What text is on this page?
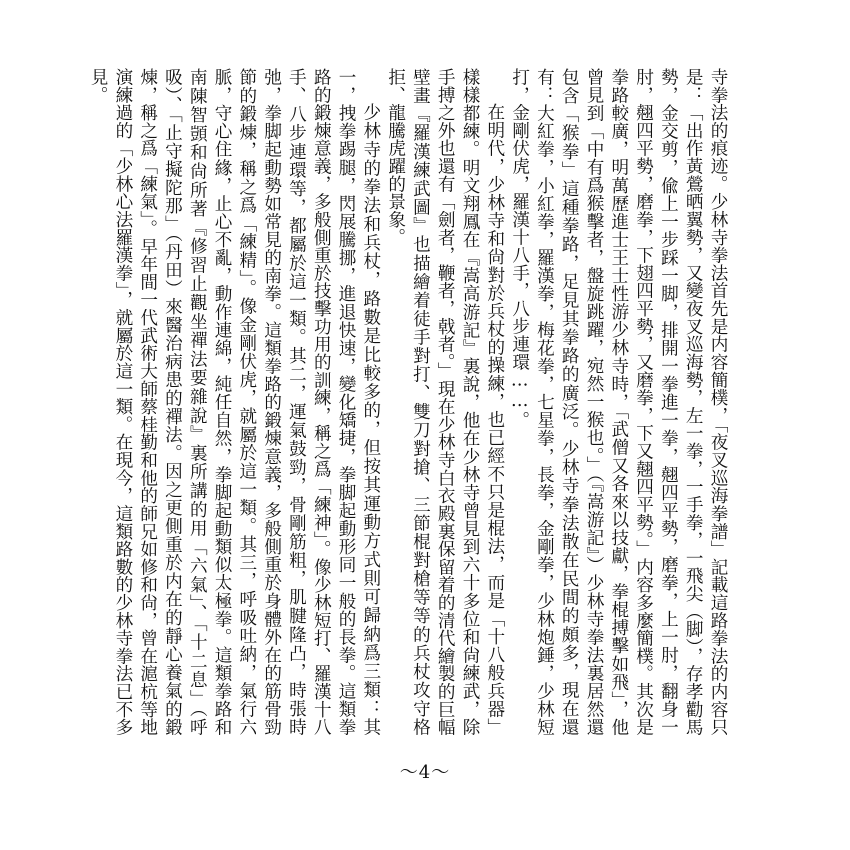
寺拳法的痕迹。少林寺拳法首先是内容簡樸，「夜叉巡海拳譜」記載這路拳法的内容只是：「出作黃鶯晒翼勢，又變夜叉巡海勢，左一拳，一手拳，一飛尖（脚），存孝勸馬勢，金交剪，偸上一步踩一脚，排開一拳進一拳，翹四平勢，磨拳，上一肘，翻身一肘，翹四平勢，磨拳，下翅四平勢，又磨拳，下又翹四平勢。」内容多麼簡樸。其次是拳路較廣，明萬歷進士王士性游少林寺時，「武僧又各來以技獻，拳棍搏擊如飛」，他曾見到「中有爲猴擊者，盤旋跳躍，宛然一猴也。」（『嵩游記』）少林寺拳法裏居然還包含「猴拳」這種拳路，足見其拳路的廣泛。少林寺拳法散在民間的頗多，現在還有：大紅拳，小紅拳，羅漢拳，梅花拳，七星拳，長拳，金剛拳，少林炮錘，少林短打，金剛伏虎，羅漢十八手，八步連環……。

在明代，少林寺和尙對於兵杖的操練，也已經不只是棍法，而是「十八般兵器」樣樣都練。明文翔鳳在『嵩高游記』裏說，他在少林寺曾見到六十多位和尙練武，除手搏之外也還有「劍者，鞭者，戟者。」現在少林寺白衣殿裏保留着的清代繪製的巨幅壁畫『羅漢練武圖』也描繪着徒手對打、雙刀對搶、三節棍對槍等等的兵杖攻守格拒、龍騰虎躍的景象。

少林寺的拳法和兵杖，路數是比較多的，但按其運動方式則可歸納爲三類：其一，拽拳踢腿，閃展騰挪，進退快速，變化矯捷，拳脚起動形同一般的長拳。這類拳路的鍛煉意義，多般側重於技擊功用的訓練，稱之爲「練神」。像少林短打、羅漢十八手、八步連環等，都屬於這一類。其二，運氣鼓勁，骨剛筋粗，肌腱隆凸，時張時弛，拳脚起動勢如常見的南拳。這類拳路的鍛煉意義，多般側重於身體外在的筋骨勁節的鍛煉，稱之爲「練精」。像金剛伏虎，就屬於這一類。其三，呼吸吐納，氣行六脈，守心住緣，止心不亂，動作連綿，純任自然，拳脚起動類似太極拳。這類拳路和南陳智顗和尙所著『修習止觀坐禪法要雜說』裏所講的用「六氣」、「十二息」（呼吸）、「止守擬陀那」（丹田）來醫治病患的禪法。因之更側重於内在的靜心養氣的鍛煉，稱之爲「練氣」。早年間一代武術大師蔡桂勤和他的師兄如修和尙，曾在滬杭等地演練過的「少林心法羅漢拳」，就屬於這一類。在現今，這類路數的少林寺拳法已不多見。

～4～
